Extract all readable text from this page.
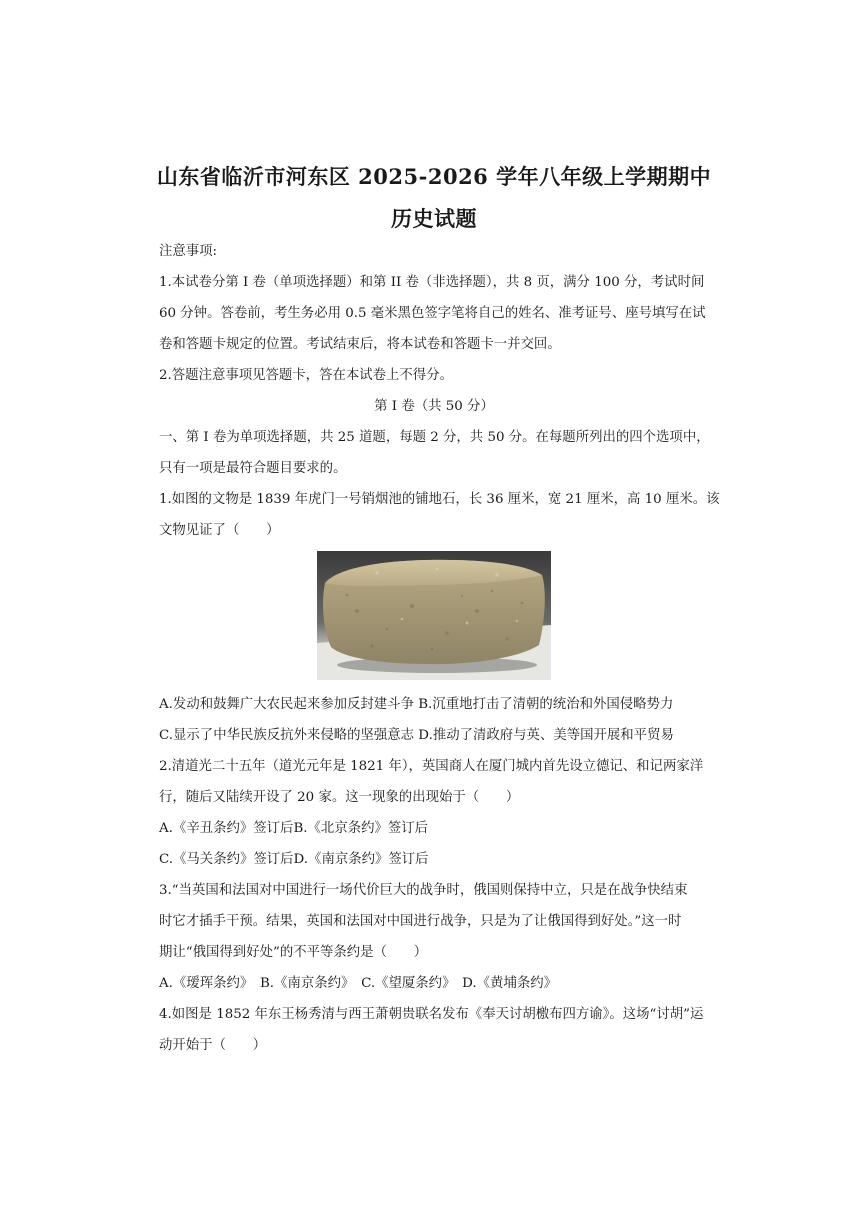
山东省临沂市河东区 2025-2026 学年八年级上学期期中
历史试题
注意事项:
1.本试卷分第 I 卷（单项选择题）和第 II 卷（非选择题），共 8 页，满分 100 分，考试时间
60 分钟。答卷前，考生务必用 0.5 毫米黑色签字笔将自己的姓名、准考证号、座号填写在试
卷和答题卡规定的位置。考试结束后，将本试卷和答题卡一并交回。
2.答题注意事项见答题卡，答在本试卷上不得分。
第 I 卷（共 50 分）
一、第 I 卷为单项选择题，共 25 道题，每题 2 分，共 50 分。在每题所列出的四个选项中，
只有一项是最符合题目要求的。
1.如图的文物是 1839 年虎门一号销烟池的铺地石，长 36 厘米，宽 21 厘米，高 10 厘米。该
文物见证了（　　）
A.发动和鼓舞广大农民起来参加反封建斗争 B.沉重地打击了清朝的统治和外国侵略势力
C.显示了中华民族反抗外来侵略的坚强意志 D.推动了清政府与英、美等国开展和平贸易
2.清道光二十五年（道光元年是 1821 年），英国商人在厦门城内首先设立德记、和记两家洋
行，随后又陆续开设了 20 家。这一现象的出现始于（　　）
A.《辛丑条约》签订后B.《北京条约》签订后
C.《马关条约》签订后D.《南京条约》签订后
3.“当英国和法国对中国进行一场代价巨大的战争时，俄国则保持中立，只是在战争快结束
时它才插手干预。结果，英国和法国对中国进行战争，只是为了让俄国得到好处。”这一时
期让“俄国得到好处”的不平等条约是（　　）
A.《瑷珲条约》　B.《南京条约》　C.《望厦条约》　D.《黄埔条约》
4.如图是 1852 年东王杨秀清与西王萧朝贵联名发布《奉天讨胡檄布四方谕》。这场“讨胡”运
动开始于（　　）
